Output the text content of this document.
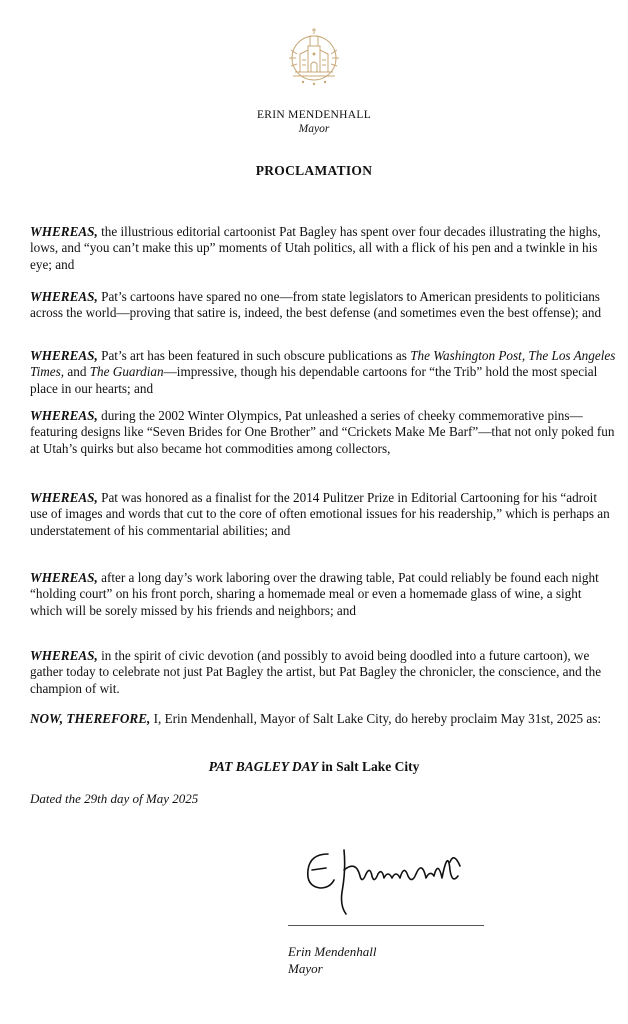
ERIN MENDENHALL
Mayor
PROCLAMATION

WHEREAS, the illustrious editorial cartoonist Pat Bagley has spent over four decades illustrating the highs, lows, and “you can’t make this up” moments of Utah politics, all with a flick of his pen and a twinkle in his eye; and

WHEREAS, Pat’s cartoons have spared no one—from state legislators to American presidents to politicians across the world—proving that satire is, indeed, the best defense (and sometimes even the best offense); and

WHEREAS, Pat’s art has been featured in such obscure publications as The Washington Post, The Los Angeles Times, and The Guardian—impressive, though his dependable cartoons for “the Trib” hold the most special place in our hearts; and

WHEREAS, during the 2002 Winter Olympics, Pat unleashed a series of cheeky commemorative pins—featuring designs like “Seven Brides for One Brother” and “Crickets Make Me Barf”—that not only poked fun at Utah’s quirks but also became hot commodities among collectors,

WHEREAS, Pat was honored as a finalist for the 2014 Pulitzer Prize in Editorial Cartooning for his “adroit use of images and words that cut to the core of often emotional issues for his readership,” which is perhaps an understatement of his commentarial abilities; and

WHEREAS, after a long day’s work laboring over the drawing table, Pat could reliably be found each night “holding court” on his front porch, sharing a homemade meal or even a homemade glass of wine, a sight which will be sorely missed by his friends and neighbors; and

WHEREAS, in the spirit of civic devotion (and possibly to avoid being doodled into a future cartoon), we gather today to celebrate not just Pat Bagley the artist, but Pat Bagley the chronicler, the conscience, and the champion of wit.

NOW, THEREFORE, I, Erin Mendenhall, Mayor of Salt Lake City, do hereby proclaim May 31st, 2025 as:

PAT BAGLEY DAY in Salt Lake City
Dated the 29th day of May 2025
Erin Mendenhall
Mayor
